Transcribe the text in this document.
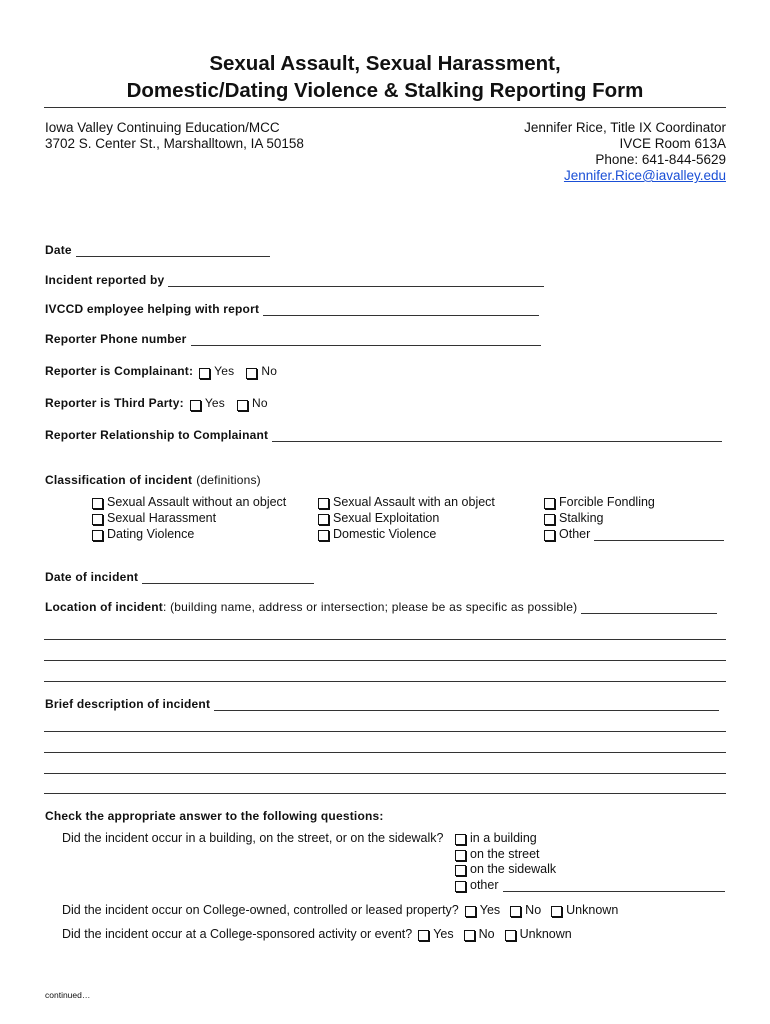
Sexual Assault, Sexual Harassment,
Domestic/Dating Violence & Stalking Reporting Form
Iowa Valley Continuing Education/MCC
3702 S. Center St., Marshalltown, IA 50158
Jennifer Rice, Title IX Coordinator
IVCE Room 613A
Phone: 641-844-5629
Jennifer.Rice@iavalley.edu
Date
Incident reported by
IVCCD employee helping with report
Reporter Phone number
Reporter is Complainant: Yes No
Reporter is Third Party: Yes No
Reporter Relationship to Complainant
Classification of incident (definitions)
Sexual Assault without an object
Sexual Harassment
Dating Violence
Sexual Assault with an object
Sexual Exploitation
Domestic Violence
Forcible Fondling
Stalking
Other
Date of incident
Location of incident : (building name, address or intersection; please be as specific as possible)
Brief description of incident
Check the appropriate answer to the following questions:
Did the incident occur in a building, on the street, or on the sidewalk? in a building
on the street
on the sidewalk
other
Did the incident occur on College-owned, controlled or leased property? Yes No Unknown
Did the incident occur at a College-sponsored activity or event? Yes No Unknown
continued…
